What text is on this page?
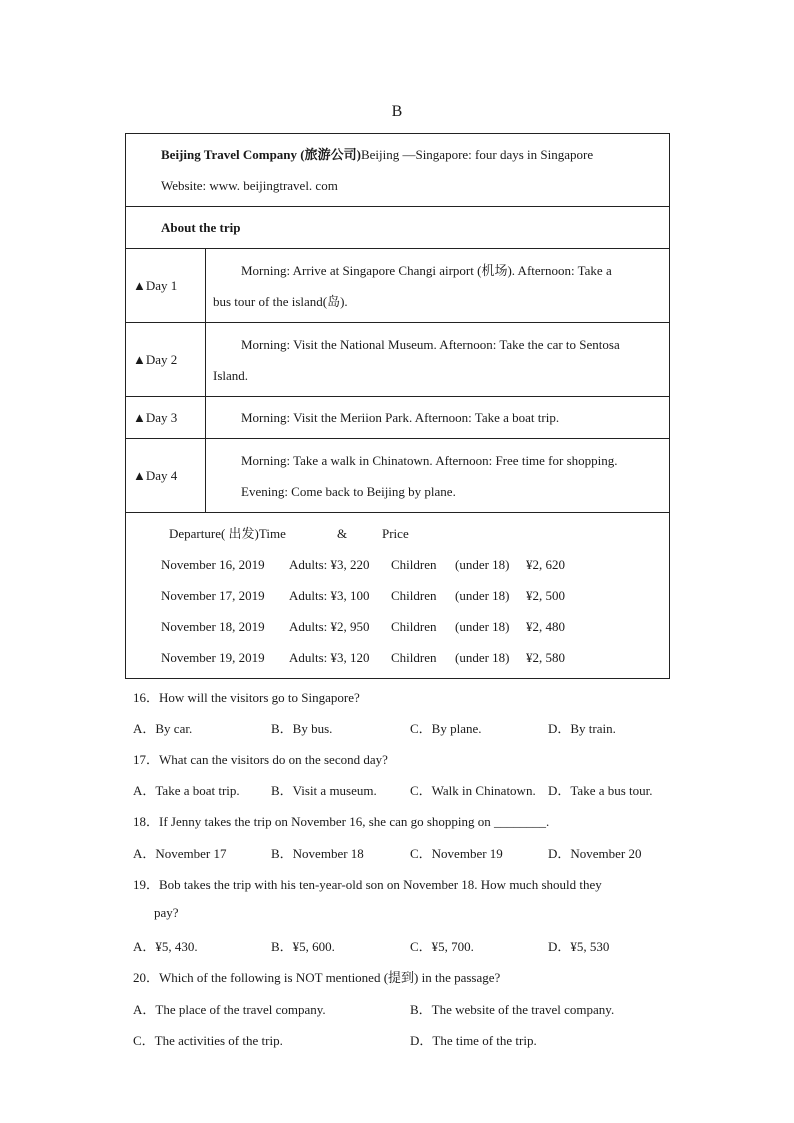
B
Beijing Travel Company (旅游公司)Beijing —Singapore: four days in Singapore
Website: www. beijingtravel. com	

About the trip	
▲Day 1	Morning: Arrive at Singapore Changi airport (机场). Afternoon: Take a
bus tour of the island(岛).

▲Day 2	Morning: Visit the National Museum. Afternoon: Take the car to Sentosa
Island.

▲Day 3	Morning: Visit the Meriion Park. Afternoon: Take a boat trip.

▲Day 4	Morning: Take a walk in Chinatown. Afternoon: Free time for shopping.
Evening: Come back to Beijing by plane.

Departure( 出发)Time & Price
November 16, 2019 Adults: ¥3, 220 Children (under 18) ¥2, 620
November 17, 2019 Adults: ¥3, 100 Children (under 18) ¥2, 500
November 18, 2019 Adults: ¥2, 950 Children (under 18) ¥2, 480
November 19, 2019 Adults: ¥3, 120 Children (under 18) ¥2, 580	
16．How will the visitors go to Singapore?
A．By car.	B．By bus.	C．By plane.	D．By train.
17．What can the visitors do on the second day?
A．Take a boat trip. B．Visit a museum.	C．Walk in Chinatown. D．Take a bus tour.
18．If Jenny takes the trip on November 16, she can go shopping on ________.
A．November 17	B．November 18	C．November 19	D．November 20
19．Bob takes the trip with his ten-year-old son on November 18. How much should they
pay?
A．¥5, 430.	B．¥5, 600.	C．¥5, 700.	D．¥5, 530
20．Which of the following is NOT mentioned (提到) in the passage?
A．The place of the travel company.	B．The website of the travel company.
C．The activities of the trip.	D．The time of the trip.
